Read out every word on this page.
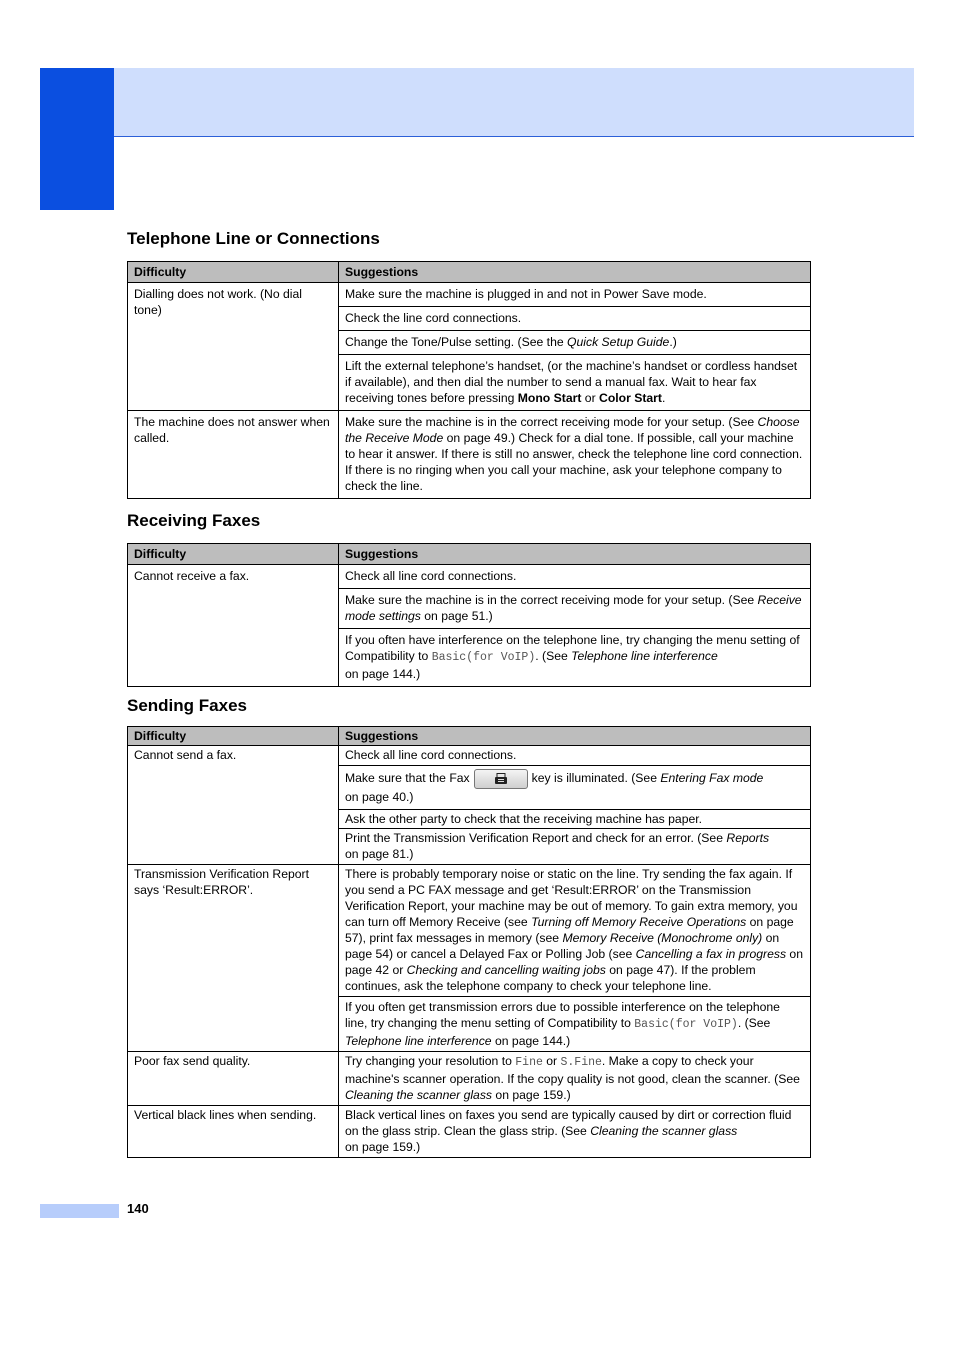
Telephone Line or Connections
Difficulty	Suggestions
Dialling does not work. (No dial tone)	Make sure the machine is plugged in and not in Power Save mode.
	Check the line cord connections.
	Change the Tone/Pulse setting. (See the Quick Setup Guide.)
	Lift the external telephone’s handset, (or the machine’s handset or cordless handset if available), and then dial the number to send a manual fax. Wait to hear fax receiving tones before pressing Mono Start or Color Start.
The machine does not answer when called.	Make sure the machine is in the correct receiving mode for your setup. (See Choose the Receive Mode on page 49.) Check for a dial tone. If possible, call your machine to hear it answer. If there is still no answer, check the telephone line cord connection. If there is no ringing when you call your machine, ask your telephone company to check the line.
Receiving Faxes
Difficulty	Suggestions
Cannot receive a fax.	Check all line cord connections.
	Make sure the machine is in the correct receiving mode for your setup. (See Receive mode settings on page 51.)
	If you often have interference on the telephone line, try changing the menu setting of Compatibility to Basic(for VoIP). (See Telephone line interference
on page 144.)
Sending Faxes
Difficulty	Suggestions
Cannot send a fax.	Check all line cord connections.
	Make sure that the Fax key is illuminated. (See Entering Fax mode
on page 40.)
	Ask the other party to check that the receiving machine has paper.
	Print the Transmission Verification Report and check for an error. (See Reports
on page 81.)
Transmission Verification Report says ‘Result:ERROR’.	There is probably temporary noise or static on the line. Try sending the fax again. If you send a PC FAX message and get ‘Result:ERROR’ on the Transmission Verification Report, your machine may be out of memory. To gain extra memory, you can turn off Memory Receive (see Turning off Memory Receive Operations on page 57), print fax messages in memory (see Memory Receive (Monochrome only) on page 54) or cancel a Delayed Fax or Polling Job (see Cancelling a fax in progress on page 42 or Checking and cancelling waiting jobs on page 47). If the problem continues, ask the telephone company to check your telephone line.
	If you often get transmission errors due to possible interference on the telephone line, try changing the menu setting of Compatibility to Basic(for VoIP). (See Telephone line interference on page 144.)
Poor fax send quality.	Try changing your resolution to Fine or S.Fine. Make a copy to check your machine's scanner operation. If the copy quality is not good, clean the scanner. (See Cleaning the scanner glass on page 159.)
Vertical black lines when sending.	Black vertical lines on faxes you send are typically caused by dirt or correction fluid on the glass strip. Clean the glass strip. (See Cleaning the scanner glass
on page 159.)
140
